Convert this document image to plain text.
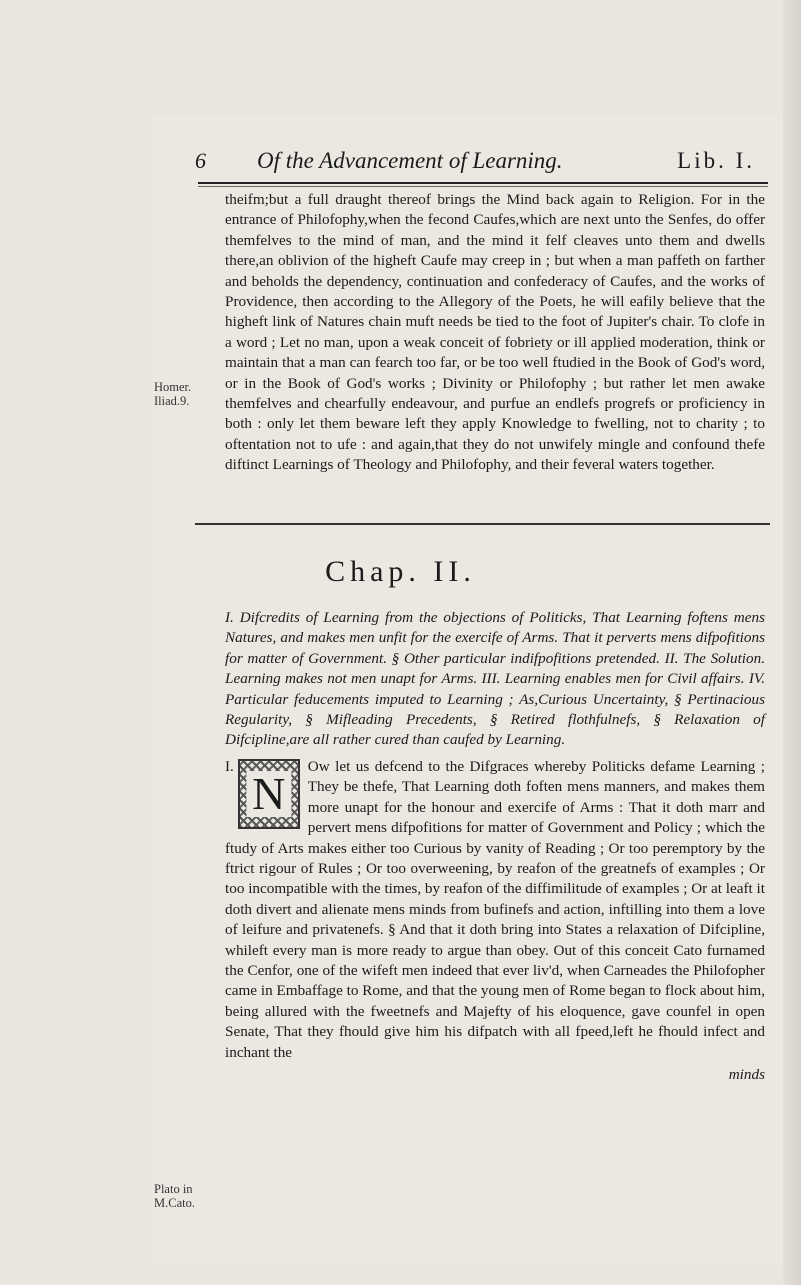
6 Of the Advancement of Learning.	Lib. I.

theifm;but a full draught thereof brings the Mind back again to Religion. For in the entrance of Philofophy,when the fecond Caufes,which are next unto the Senfes, do offer themfelves to the mind of man, and the mind it felf cleaves unto them and dwells there,an oblivion of the higheft Caufe may creep in ; but when a man paffeth on farther and beholds the dependency, continuation and confederacy of Caufes, and the works of Providence, then according to the Allegory of the Poets, he will eafily believe that the higheft link of Natures chain muft needs be tied to the foot of Jupiter's chair. To clofe in a word ; Let no man, upon a weak conceit of fobriety or ill applied moderation, think or maintain that a man can fearch too far, or be too well ftudied in the Book of God's word, or in the Book of God's works ; Divinity or Philofophy ; but rather let men awake themfelves and chearfully endeavour, and purfue an endlefs progrefs or proficiency in both : only let them beware left they apply Knowledge to fwelling, not to charity ; to oftentation not to ufe : and again,that they do not unwifely mingle and confound thefe diftinct Learnings of Theology and Philofophy, and their feveral waters together.

Homer. Iliad.9.
Chap. II.

I. Difcredits of Learning from the objections of Politicks, That Learning foftens mens Natures, and makes men unfit for the exercife of Arms. That it perverts mens difpofitions for matter of Government. § Other particular indifpofitions pretended. II. The Solution. Learning makes not men unapt for Arms. III. Learning enables men for Civil affairs. IV. Particular feducements imputed to Learning ; As,Curious Uncertainty, § Pertinacious Regularity, § Mifleading Precedents, § Retired flothfulnefs, § Relaxation of Difcipline,are all rather cured than caufed by Learning.

I.
N
Ow let us defcend to the Difgraces whereby Politicks defame Learning ; They be thefe, That Learning doth foften mens manners, and makes them more unapt for the honour and exercife of Arms : That it doth marr and pervert mens difpofitions for matter of Government and Policy ; which the ftudy of Arts makes either too Curious by vanity of Reading ; Or too peremptory by the ftrict rigour of Rules ; Or too overweening, by reafon of the greatnefs of examples ; Or too incompatible with the times, by reafon of the diffimilitude of examples ; Or at leaft it doth divert and alienate mens minds from bufinefs and action, inftilling into them a love of leifure and privatenefs. § And that it doth bring into States a relaxation of Difcipline, whileft every man is more ready to argue than obey. Out of this conceit Cato furnamed the Cenfor, one of the wifeft men indeed that ever liv'd, when Carneades the Philofopher came in Embaffage to Rome, and that the young men of Rome began to flock about him, being allured with the fweetnefs and Majefty of his eloquence, gave counfel in open Senate, That they fhould give him his difpatch with all fpeed,left he fhould infect and inchant the

minds
Plato in M.Cato.
